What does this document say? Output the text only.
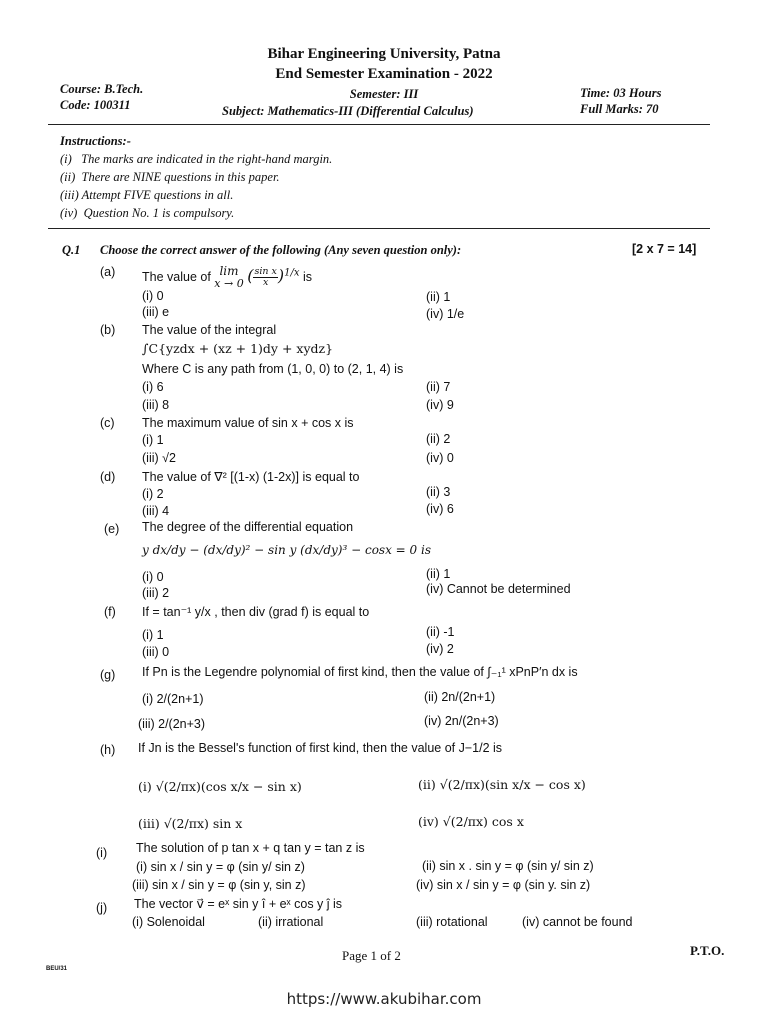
Bihar Engineering University, Patna
End Semester Examination - 2022
Course: B.Tech.
Code: 100311
Semester: III
Subject: Mathematics-III (Differential Calculus)
Time: 03 Hours
Full Marks: 70
Instructions:-
(i)   The marks are indicated in the right-hand margin.
(ii)  There are NINE questions in this paper.
(iii) Attempt FIVE questions in all.
(iv)  Question No. 1 is compulsory.
Q.1 Choose the correct answer of the following (Any seven question only):	[2 x 7 = 14]
(a) The value of lim
x → 0 ( $\frac{\text{sin x}}{x} )^{1/x}$ is
(i) 0	(ii) 1
(iii) e	(iv) 1/e
(b) The value of the integral
∫C{yzdx + (xz + 1)dy + xydz}
Where C is any path from (1, 0, 0) to (2, 1, 4) is
(i) 6	(ii) 7
(iii) 8	(iv) 9
(c) The maximum value of sin x + cos x is
(i) 1	(ii) 2
(iii) √2	(iv) 0
(d) The value of ∇² [(1-x) (1-2x)] is equal to
(i) 2	(ii) 3
(iii) 4	(iv) 6
(e) The degree of the differential equation
y dx/dy − (dx/dy)² − sin y (dx/dy)³ − cosx = 0 is
(i) 0	(ii) 1
(iii) 2	(iv) Cannot be determined
(f) If = tan⁻¹ y/x , then div (grad f) is equal to
(i) 1	(ii) -1
(iii) 0	(iv) 2
(g) If Pn is the Legendre polynomial of first kind, then the value of ∫₋₁¹ xPnP′n dx is
(i) 2/(2n+1)	(ii) 2n/(2n+1)
(iii) 2/(2n+3)	(iv) 2n/(2n+3)
(h) If Jn is the Bessel's function of first kind, then the value of J−1/2 is
(i) √(2/πx)(cos x/x − sin x)	(ii) √(2/πx)(sin x/x − cos x)
(iii) √(2/πx) sin x	(iv) √(2/πx) cos x
(i) The solution of p tan x + q tan y = tan z is
(i) sin x / sin y = φ (sin y/ sin z)	(ii) sin x . sin y = φ (sin y/ sin z)
(iii) sin x / sin y = φ (sin y, sin z)	(iv) sin x / sin y = φ (sin y. sin z)
(j) The vector v⃗ = eˣ sin y î + eˣ cos y ĵ is
(i) Solenoidal	(ii) irrational	(iii) rotational	(iv) cannot be found
Page 1 of 2	P.T.O.
BEU/31
https://www.akubihar.com
